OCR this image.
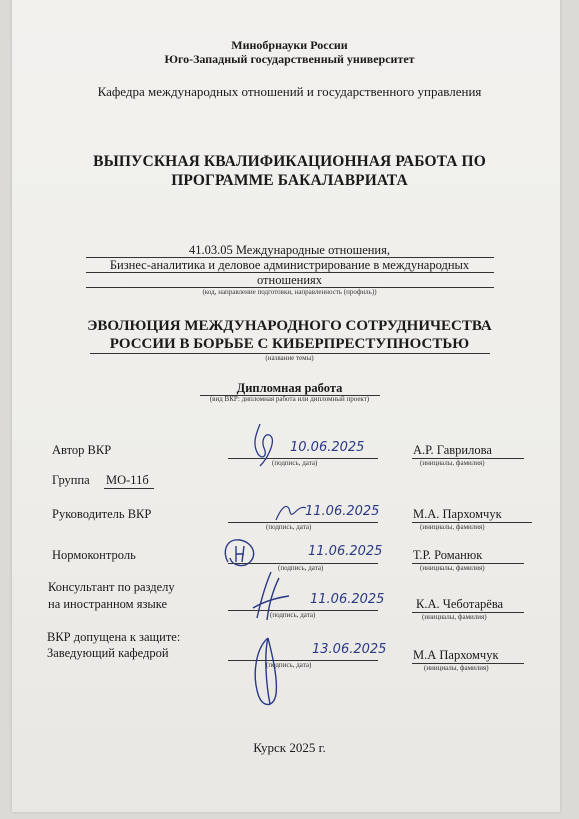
Минобрнауки России
Юго-Западный государственный университет
Кафедра международных отношений и государственного управления
ВЫПУСКНАЯ КВАЛИФИКАЦИОННАЯ РАБОТА ПО
ПРОГРАММЕ БАКАЛАВРИАТА
41.03.05 Международные отношения,
Бизнес-аналитика и деловое администрирование в международных
отношениях
(код, направление подготовки, направленность (профиль))
ЭВОЛЮЦИЯ МЕЖДУНАРОДНОГО СОТРУДНИЧЕСТВА
РОССИИ В БОРЬБЕ С КИБЕРПРЕСТУПНОСТЬЮ
(название темы)
Дипломная работа
(вид ВКР: дипломная работа или дипломный проект)
Автор ВКР	10.06.2025
(подпись, дата)
А.Р. Гаврилова
(инициалы, фамилия)
Группа МО-11б
Руководитель ВКР	11.06.2025
(подпись, дата)
М.А. Пархомчук
(инициалы, фамилия)
Нормоконтроль	11.06.2025
(подпись, дата)
Т.Р. Романюк
(инициалы, фамилия)
Консультант по разделу
на иностранном языке	11.06.2025
(подпись, дата)
К.А. Чеботарёва
(инициалы, фамилия)
ВКР допущена к защите:
Заведующий кафедрой	13.06.2025
(подпись, дата)
М.А Пархомчук
(инициалы, фамилия)
Курск 2025 г.
